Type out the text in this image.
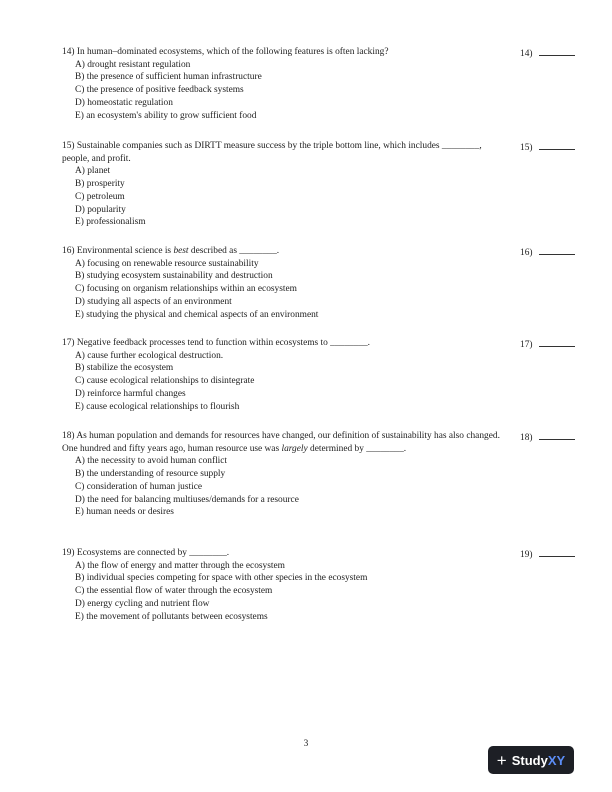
14) In human–dominated ecosystems, which of the following features is often lacking?
A) drought resistant regulation
B) the presence of sufficient human infrastructure
C) the presence of positive feedback systems
D) homeostatic regulation
E) an ecosystem's ability to grow sufficient food
14)
15) Sustainable companies such as DIRTT measure success by the triple bottom line, which includes ________, people, and profit.
A) planet
B) prosperity
C) petroleum
D) popularity
E) professionalism
15)
16) Environmental science is best described as ________.
A) focusing on renewable resource sustainability
B) studying ecosystem sustainability and destruction
C) focusing on organism relationships within an ecosystem
D) studying all aspects of an environment
E) studying the physical and chemical aspects of an environment
16)
17) Negative feedback processes tend to function within ecosystems to ________.
A) cause further ecological destruction.
B) stabilize the ecosystem
C) cause ecological relationships to disintegrate
D) reinforce harmful changes
E) cause ecological relationships to flourish
17)
18) As human population and demands for resources have changed, our definition of sustainability has also changed. One hundred and fifty years ago, human resource use was largely determined by ________.
A) the necessity to avoid human conflict
B) the understanding of resource supply
C) consideration of human justice
D) the need for balancing multiuses/demands for a resource
E) human needs or desires
18)
19) Ecosystems are connected by ________.
A) the flow of energy and matter through the ecosystem
B) individual species competing for space with other species in the ecosystem
C) the essential flow of water through the ecosystem
D) energy cycling and nutrient flow
E) the movement of pollutants between ecosystems
19)
3
+ Study XY
